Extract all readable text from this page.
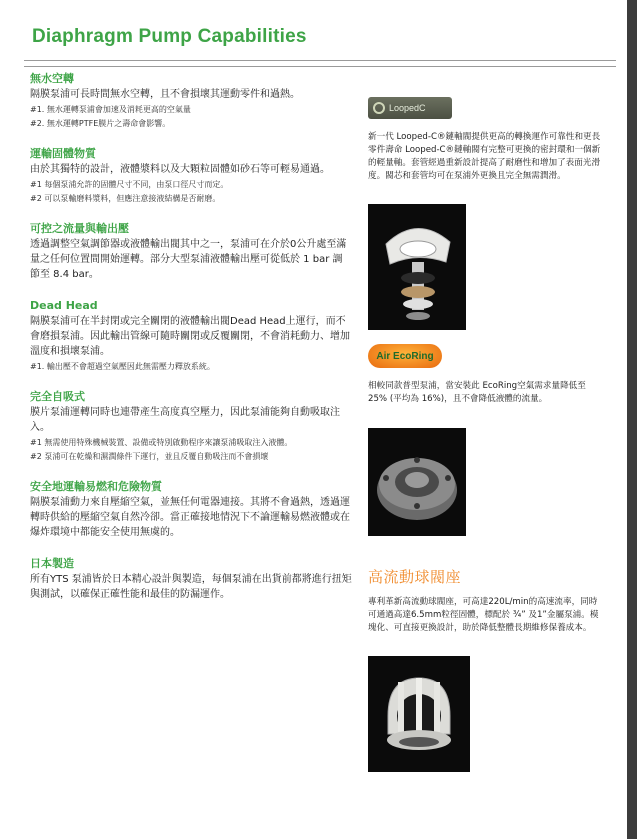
Diaphragm Pump Capabilities
無水空轉
隔膜泵浦可長時間無水空轉，且不會損壞其運動零件和過熱。
#1. 無水運轉泵浦會加速及消耗更高的空氣量
#2. 無水運轉PTFE膜片之壽命會影響。
運輸固體物質
由於其獨特的設計，液體漿料以及大顆粒固體如砂石等可輕易通過。
#1 每個泵浦允許的固體尺寸不同，由泵口徑尺寸而定。
#2 可以泵輸磨料漿料，但應注意接液結構是否耐磨。
可控之流量與輸出壓
透過調整空氣調節器或液體輸出閥其中之一，泵浦可在介於0公升處至滿量之任何位置間開始運轉。部分大型泵浦液體輸出壓可從低於 1 bar 調節至 8.4 bar。
Dead Head
隔膜泵浦可在半封閉或完全關閉的液體輸出閥Dead Head上運行，而不會磨損泵浦。因此輸出管線可隨時關閉或反覆關閉，不會消耗動力、增加溫度和損壞泵浦。
#1. 輸出壓不會超過空氣壓因此無需壓力釋放系統。
完全自吸式
膜片泵浦運轉同時也連帶產生高度真空壓力，因此泵浦能夠自動吸取注入。
#1 無需使用特殊機械裝置、設備或特別啟動程序來讓泵浦吸取注入液體。
#2 泵浦可在乾燥和濕潤條件下運行，並且反覆自動吸注而不會損壞
安全地運輸易燃和危險物質
隔膜泵浦動力來自壓縮空氣，並無任何電器連接。其將不會過熱，透過運轉時供給的壓縮空氣自然冷卻。當正確接地情況下不論運輸易燃液體或在爆炸環境中都能安全使用無虞的。
日本製造
所有YTS 泵浦皆於日本精心設計與製造，每個泵浦在出貨前都將進行扭矩與測試，以確保正確性能和最佳的防漏運作。
LoopedC
新一代 Looped-C®鏈軸閥提供更高的轉換運作可靠性和更長零件壽命 Looped-C®鏈軸閥有完整可更換的密封環和一個新的輕量軸。套管經過重新設計提高了耐磨性和增加了表面光滑度。閥芯和套管均可在泵浦外更換且完全無需潤滑。
Air EcoRing
相較同款普型泵浦，當安裝此 EcoRing空氣需求量降低至 25% (平均為 16%)，且不會降低液體的流量。
高流動球閥座
專利革新高流動球閥座，可高達220L/min的高速流率，同時可通過高達6.5mm粒徑固體，標配於 ¾” 及1”金屬泵浦。模塊化、可直接更換設計，助於降低整體長期維修保養成本。
